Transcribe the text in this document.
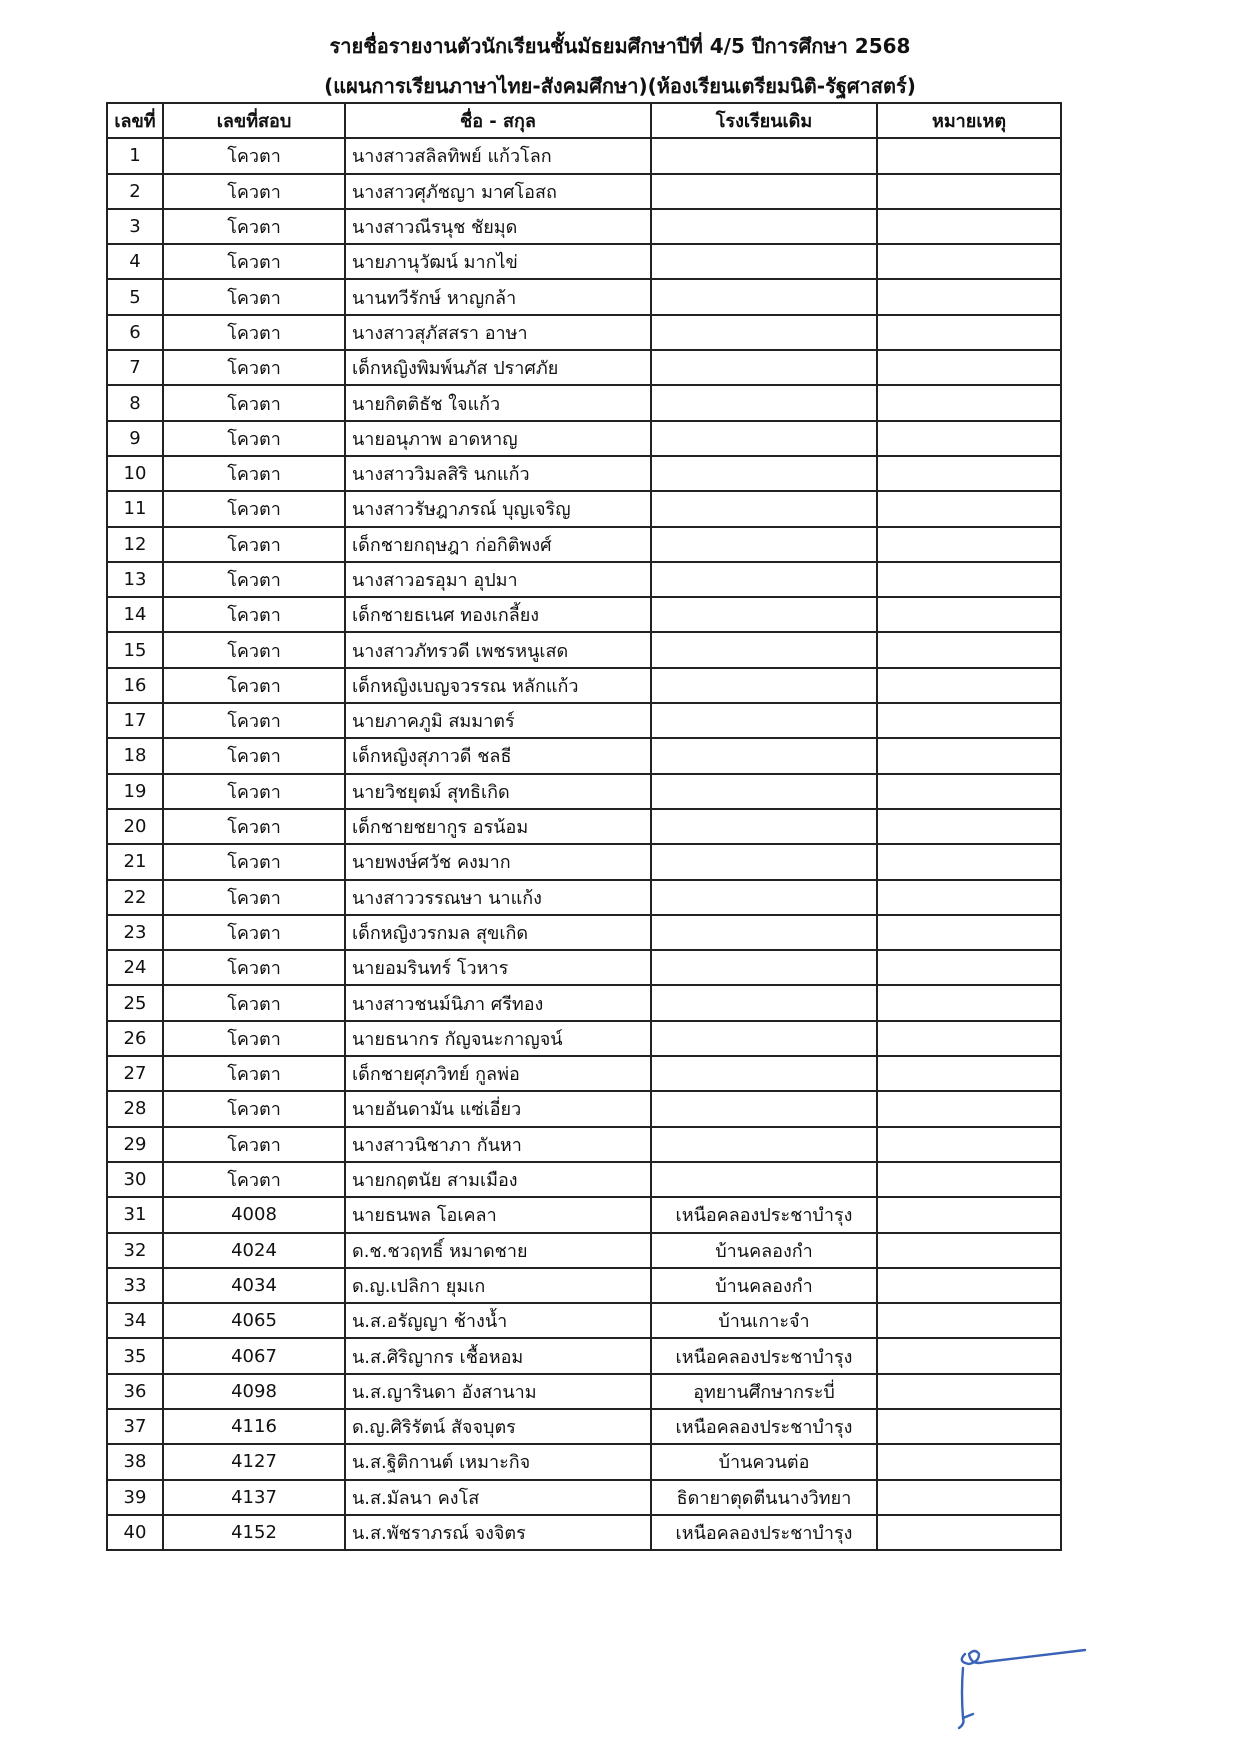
รายชื่อรายงานตัวนักเรียนชั้นมัธยมศึกษาปีที่ 4/5 ปีการศึกษา 2568
(แผนการเรียนภาษาไทย-สังคมศึกษา)(ห้องเรียนเตรียมนิติ-รัฐศาสตร์)
เลขที่	เลขที่สอบ	ชื่อ - สกุล	โรงเรียนเดิม	หมายเหตุ
1	โควตา	นางสาวสลิลทิพย์ แก้วโลก		
2	โควตา	นางสาวศุภัชญา มาศโอสถ		
3	โควตา	นางสาวณีรนุช ชัยมุด		
4	โควตา	นายภานุวัฒน์ มากไข่		
5	โควตา	นานทวีรักษ์ หาญกล้า		
6	โควตา	นางสาวสุภัสสรา อาษา		
7	โควตา	เด็กหญิงพิมพ์นภัส ปราศภัย		
8	โควตา	นายกิตติธัช ใจแก้ว		
9	โควตา	นายอนุภาพ อาดหาญ		
10	โควตา	นางสาววิมลสิริ นกแก้ว		
11	โควตา	นางสาวรัษฎาภรณ์ บุญเจริญ		
12	โควตา	เด็กชายกฤษฎา ก่อกิติพงศ์		
13	โควตา	นางสาวอรอุมา อุปมา		
14	โควตา	เด็กชายธเนศ ทองเกลี้ยง		
15	โควตา	นางสาวภัทรวดี เพชรหนูเสด		
16	โควตา	เด็กหญิงเบญจวรรณ หลักแก้ว		
17	โควตา	นายภาคภูมิ สมมาตร์		
18	โควตา	เด็กหญิงสุภาวดี ชลธี		
19	โควตา	นายวิชยุตม์ สุทธิเกิด		
20	โควตา	เด็กชายชยากูร อรน้อม		
21	โควตา	นายพงษ์ศวัช คงมาก		
22	โควตา	นางสาววรรณษา นาแก้ง		
23	โควตา	เด็กหญิงวรกมล สุขเกิด		
24	โควตา	นายอมรินทร์ โวหาร		
25	โควตา	นางสาวชนม์นิภา ศรีทอง		
26	โควตา	นายธนากร กัญจนะกาญจน์		
27	โควตา	เด็กชายศุภวิทย์ กูลพ่อ		
28	โควตา	นายอันดามัน แซ่เอี่ยว		
29	โควตา	นางสาวนิชาภา กันหา		
30	โควตา	นายกฤตนัย สามเมือง		
31	4008	นายธนพล โอเคลา	เหนือคลองประชาบำรุง	
32	4024	ด.ช.ชวฤทธิ์ หมาดชาย	บ้านคลองกำ	
33	4034	ด.ญ.เปลิกา ยุมเก	บ้านคลองกำ	
34	4065	น.ส.อรัญญา ช้างน้ำ	บ้านเกาะจำ	
35	4067	น.ส.ศิริญากร เชื้อหอม	เหนือคลองประชาบำรุง	
36	4098	น.ส.ญารินดา อังสานาม	อุทยานศึกษากระบี่	
37	4116	ด.ญ.ศิริรัตน์ สัจจบุตร	เหนือคลองประชาบำรุง	
38	4127	น.ส.ฐิติกานต์ เหมาะกิจ	บ้านควนต่อ	
39	4137	น.ส.มัลนา คงโส	ธิดายาตุดตีนนางวิทยา	
40	4152	น.ส.พัชราภรณ์ จงจิตร	เหนือคลองประชาบำรุง	
